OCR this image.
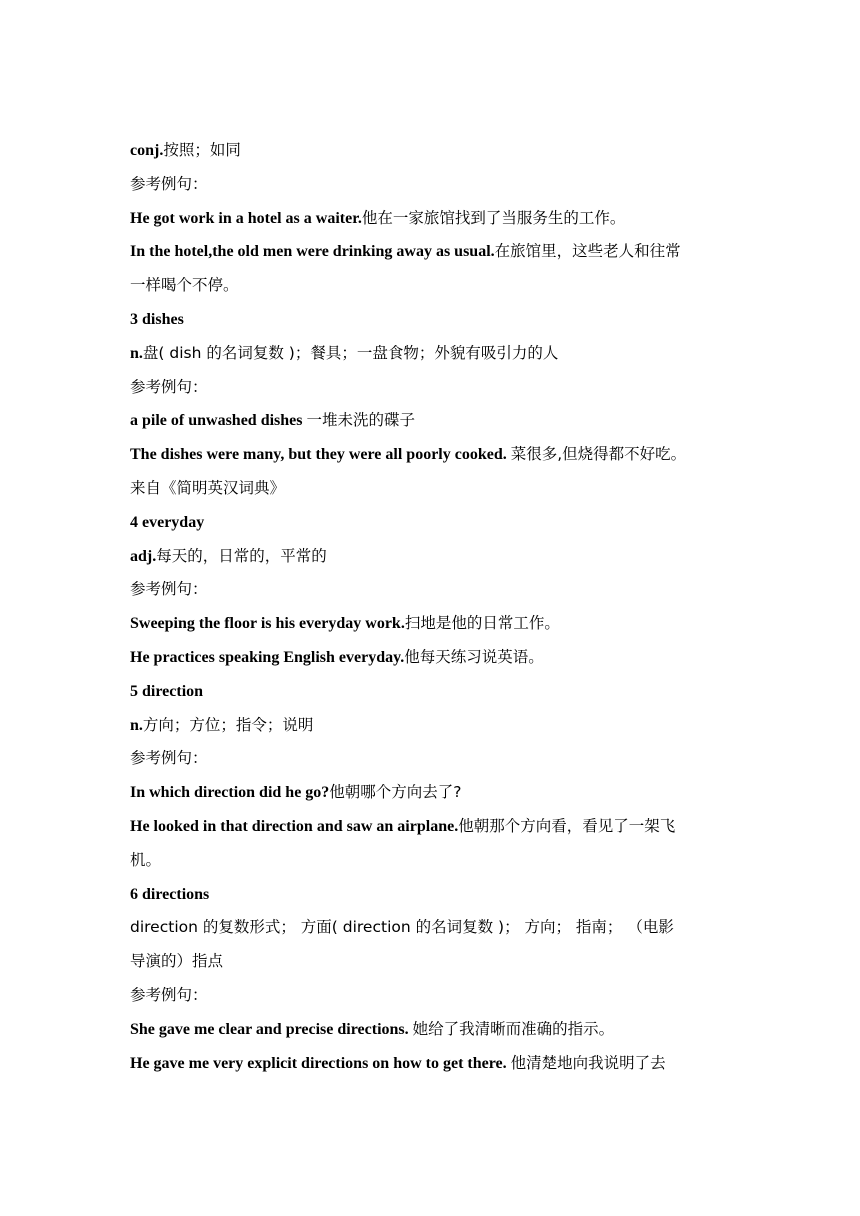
conj.按照；如同
参考例句：
He got work in a hotel as a waiter.他在一家旅馆找到了当服务生的工作。
In the hotel,the old men were drinking away as usual.在旅馆里，这些老人和往常
一样喝个不停。
3 dishes
n.盘( dish 的名词复数 )；餐具；一盘食物；外貌有吸引力的人
参考例句：
a pile of unwashed dishes 一堆未洗的碟子
The dishes were many, but they were all poorly cooked. 菜很多,但烧得都不好吃。
来自《简明英汉词典》
4 everyday
adj.每天的，日常的，平常的
参考例句：
Sweeping the floor is his everyday work.扫地是他的日常工作。
He practices speaking English everyday.他每天练习说英语。
5 direction
n.方向；方位；指令；说明
参考例句：
In which direction did he go?他朝哪个方向去了?
He looked in that direction and saw an airplane.他朝那个方向看，看见了一架飞
机。
6 directions
direction 的复数形式； 方面( direction 的名词复数 )； 方向； 指南； （电影
导演的）指点
参考例句：
She gave me clear and precise directions. 她给了我清晰而准确的指示。
He gave me very explicit directions on how to get there. 他清楚地向我说明了去
